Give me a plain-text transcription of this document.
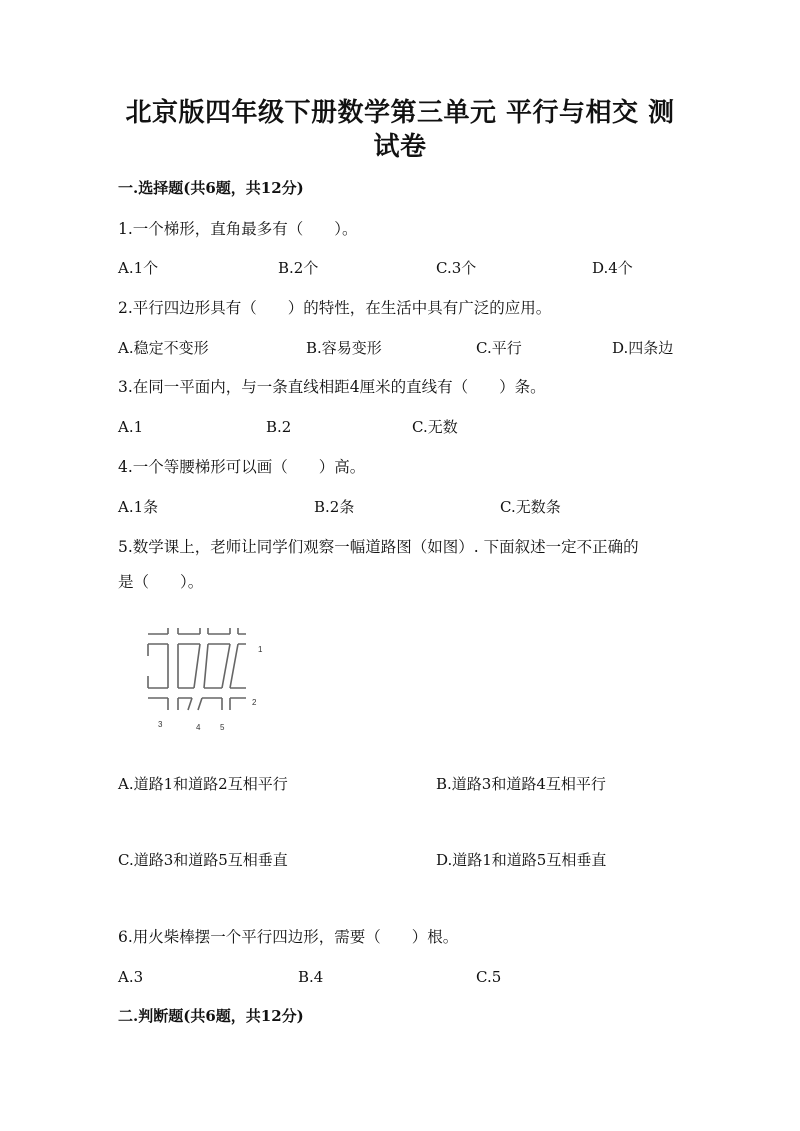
北京版四年级下册数学第三单元 平行与相交 测试卷
一.选择题(共6题，共12分)
1.一个梯形，直角最多有（　　）。
A.1个	B.2个	C.3个	D.4个
2.平行四边形具有（　　）的特性，在生活中具有广泛的应用。
A.稳定不变形	B.容易变形	C.平行	D.四条边
3.在同一平面内，与一条直线相距4厘米的直线有（　　）条。
A.1	B.2	C.无数
4.一个等腰梯形可以画（　　）高。
A.1条	B.2条	C.无数条
5.数学课上，老师让同学们观察一幅道路图（如图）. 下面叙述一定不正确的
是（　　）。
1
2
3	4 5
A.道路1和道路2互相平行	B.道路3和道路4互相平行
C.道路3和道路5互相垂直	D.道路1和道路5互相垂直
6.用火柴棒摆一个平行四边形，需要（　　）根。
A.3	B.4	C.5
二.判断题(共6题，共12分)
